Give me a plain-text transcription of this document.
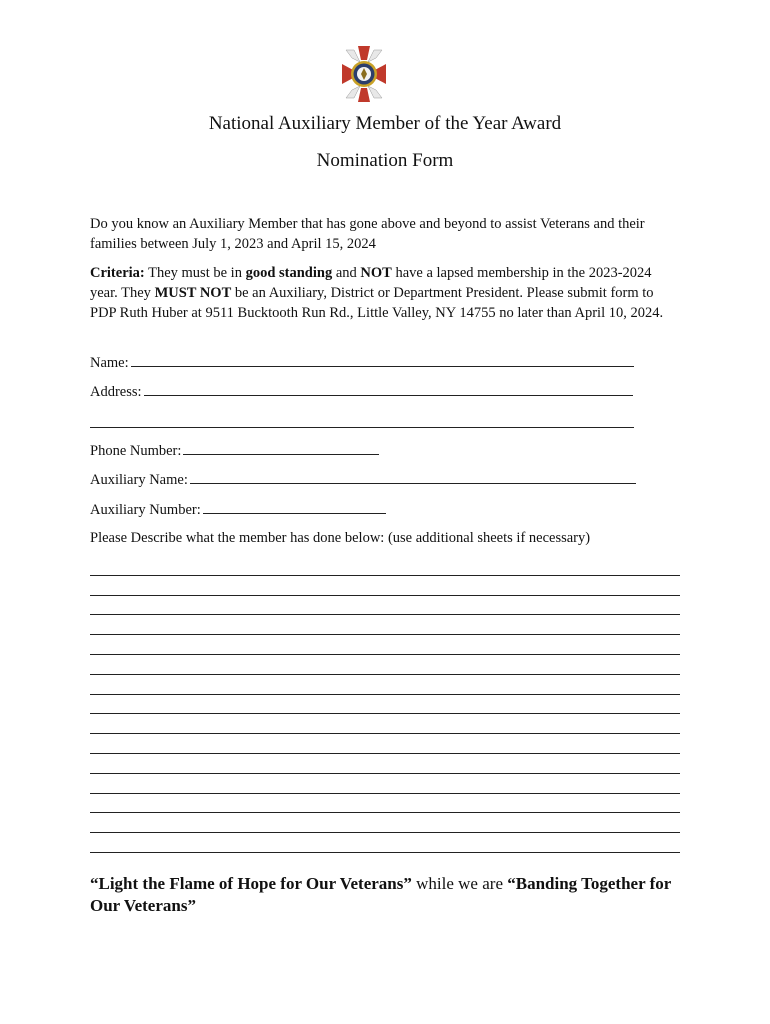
National Auxiliary Member of the Year Award
Nomination Form
Do you know an Auxiliary Member that has gone above and beyond to assist Veterans and their families between July 1, 2023 and April 15, 2024
Criteria: They must be in good standing and NOT have a lapsed membership in the 2023-2024 year. They MUST NOT be an Auxiliary, District or Department President. Please submit form to PDP Ruth Huber at 9511 Bucktooth Run Rd., Little Valley, NY 14755 no later than April 10, 2024.
Name:
Address:
Phone Number:
Auxiliary Name:
Auxiliary Number:
Please Describe what the member has done below: (use additional sheets if necessary)
“Light the Flame of Hope for Our Veterans” while we are “Banding Together for Our Veterans”
